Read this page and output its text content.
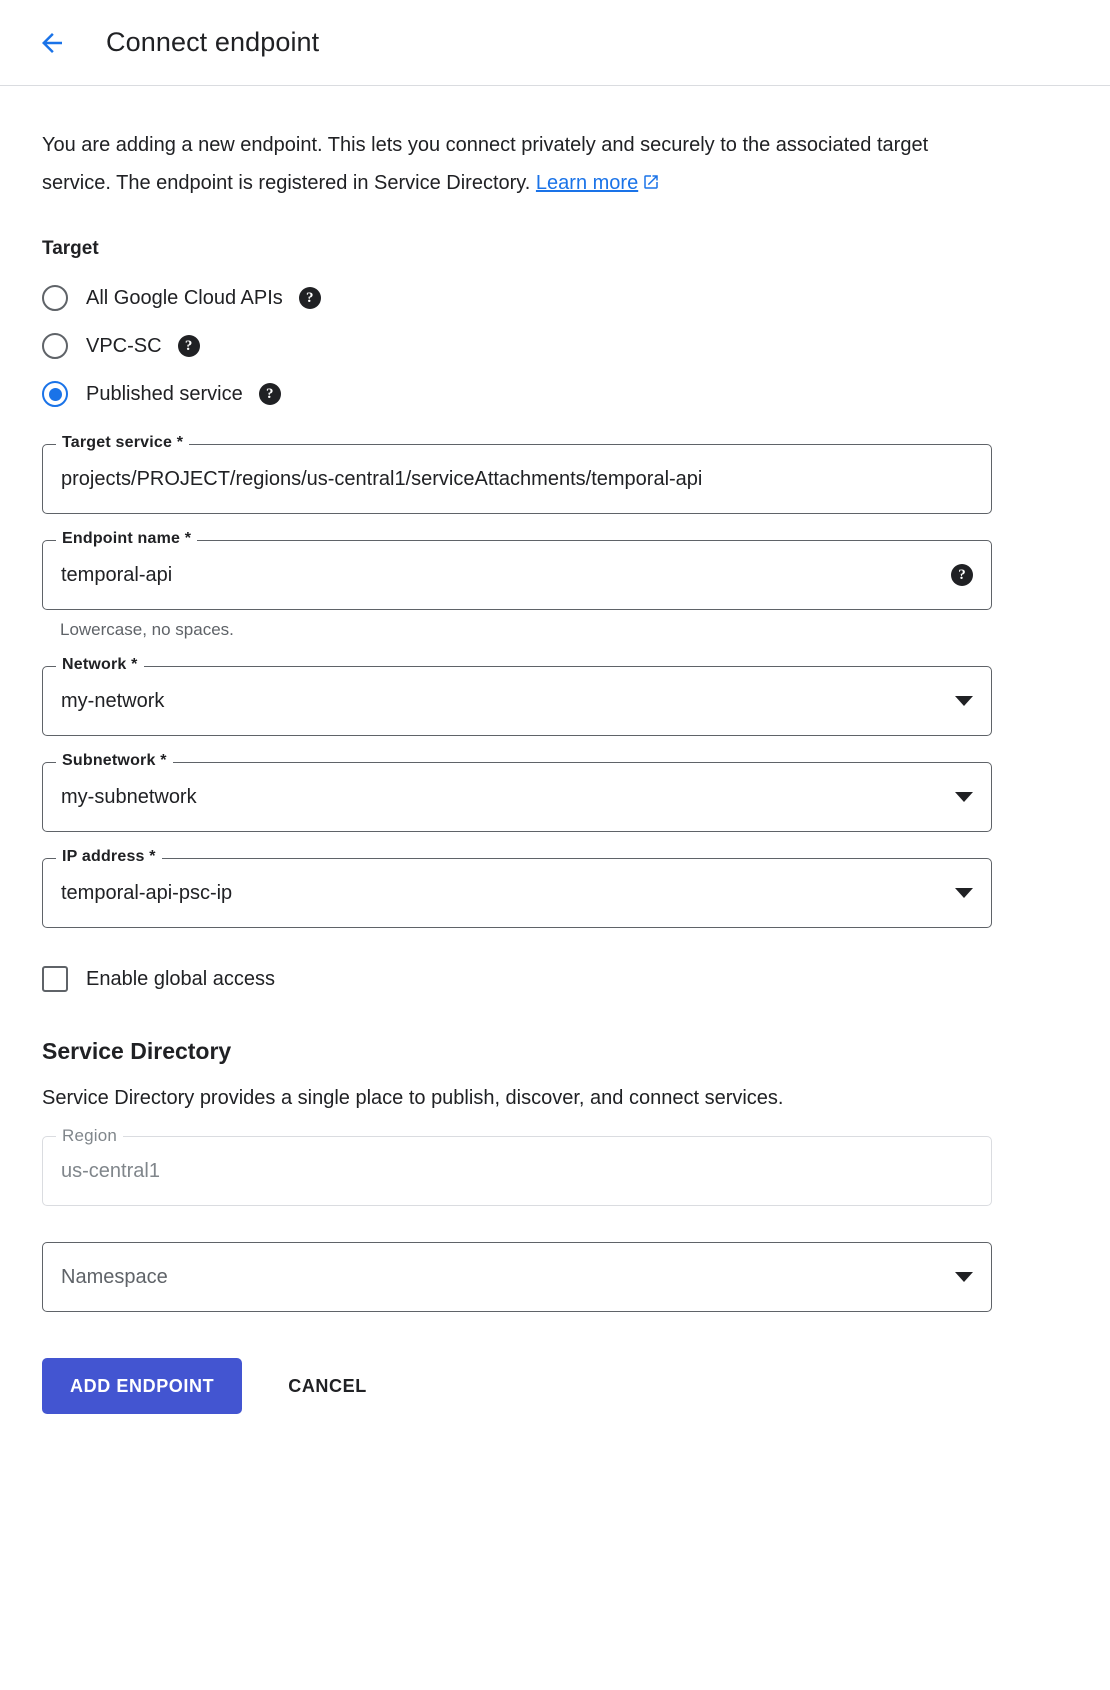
Connect endpoint

You are adding a new endpoint. This lets you connect privately and securely to the associated target service. The endpoint is registered in Service Directory. Learn more

Target
All Google Cloud APIs	?
VPC-SC	?
Published service	?
Target service *
projects/PROJECT/regions/us-central1/serviceAttachments/temporal-api
Endpoint name *
temporal-api	?
Lowercase, no spaces.
Network *
my-network
Subnetwork *
my-subnetwork
IP address *
temporal-api-psc-ip
Enable global access
Service Directory
Service Directory provides a single place to publish, discover, and connect services.
Region
us-central1
Namespace
ADD ENDPOINT	CANCEL
